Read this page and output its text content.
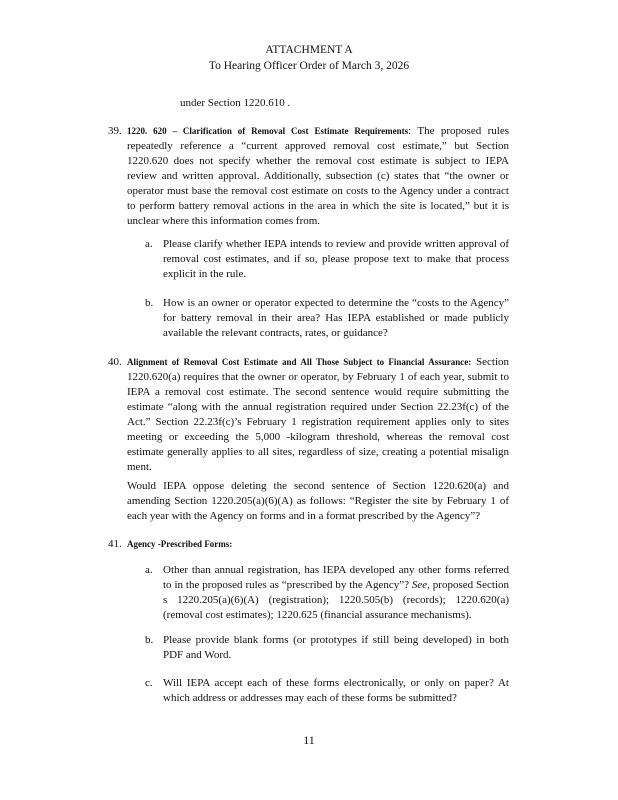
ATTACHMENT A
To Hearing Officer Order of March 3, 2026
under Section 1220.610 .
39. 1220. 620 – Clarification of Removal Cost Estimate Requirements: The proposed rules repeatedly reference a “current approved removal cost estimate,” but Section 1220.620 does not specify whether the removal cost estimate is subject to IEPA review and written approval. Additionally, subsection (c) states that “the owner or operator must base the removal cost estimate on costs to the Agency under a contract to perform battery removal actions in the area in which the site is located,” but it is unclear where this information comes from.
a. Please clarify whether IEPA intends to review and provide written approval of removal cost estimates, and if so, please propose text to make that process explicit in the rule.
b. How is an owner or operator expected to determine the “costs to the Agency” for battery removal in their area? Has IEPA established or made publicly available the relevant contracts, rates, or guidance?
40. Alignment of Removal Cost Estimate and All Those Subject to Financial Assurance: Section 1220.620(a) requires that the owner or operator, by February 1 of each year, submit to IEPA a removal cost estimate. The second sentence would require submitting the estimate “along with the annual registration required under Section 22.23f(c) of the Act.” Section 22.23f(c)’s February 1 registration requirement applies only to sites meeting or exceeding the 5,000 -kilogram threshold, whereas the removal cost estimate generally applies to all sites, regardless of size, creating a potential misalign ment.
Would IEPA oppose deleting the second sentence of Section 1220.620(a) and amending Section 1220.205(a)(6)(A) as follows: “Register the site by February 1 of each year with the Agency on forms and in a format prescribed by the Agency”?
41. Agency -Prescribed Forms:
a. Other than annual registration, has IEPA developed any other forms referred to in the proposed rules as “prescribed by the Agency”? See, proposed Section s 1220.205(a)(6)(A) (registration); 1220.505(b) (records); 1220.620(a) (removal cost estimates); 1220.625 (financial assurance mechanisms).
b. Please provide blank forms (or prototypes if still being developed) in both PDF and Word.
c. Will IEPA accept each of these forms electronically, or only on paper? At which address or addresses may each of these forms be submitted?
11
